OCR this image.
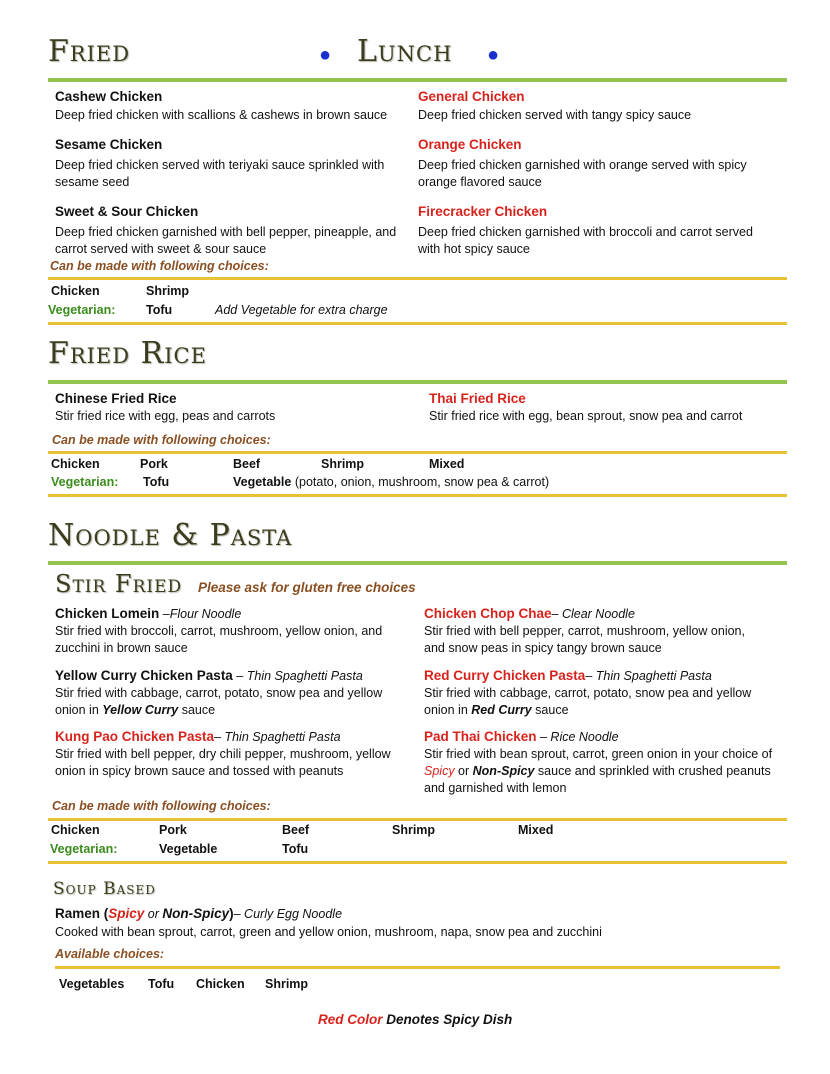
Fried	● Lunch ●
Cashew Chicken
Deep fried chicken with scallions & cashews in brown sauce
General Chicken
Deep fried chicken served with tangy spicy sauce
Sesame Chicken
Deep fried chicken served with teriyaki sauce sprinkled with sesame seed
Orange Chicken
Deep fried chicken garnished with orange served with spicy orange flavored sauce
Sweet & Sour Chicken
Deep fried chicken garnished with bell pepper, pineapple, and carrot served with sweet & sour sauce
Firecracker Chicken
Deep fried chicken garnished with broccoli and carrot served with hot spicy sauce
Can be made with following choices:
Chicken	Shrimp
Vegetarian: Tofu	Add Vegetable for extra charge
Fried Rice
Chinese Fried Rice
Stir fried rice with egg, peas and carrots
Thai Fried Rice
Stir fried rice with egg, bean sprout, snow pea and carrot
Can be made with following choices:
Chicken	Pork	Beef	Shrimp	Mixed
Vegetarian: Tofu	Vegetable (potato, onion, mushroom, snow pea & carrot)
Noodle & Pasta
Stir Fried Please ask for gluten free choices
Chicken Lomein –Flour Noodle
Stir fried with broccoli, carrot, mushroom, yellow onion, and zucchini in brown sauce
Chicken Chop Chae– Clear Noodle
Stir fried with bell pepper, carrot, mushroom, yellow onion, and snow peas in spicy tangy brown sauce
Yellow Curry Chicken Pasta – Thin Spaghetti Pasta
Stir fried with cabbage, carrot, potato, snow pea and yellow onion in Yellow Curry sauce
Red Curry Chicken Pasta– Thin Spaghetti Pasta
Stir fried with cabbage, carrot, potato, snow pea and yellow onion in Red Curry sauce
Kung Pao Chicken Pasta– Thin Spaghetti Pasta
Stir fried with bell pepper, dry chili pepper, mushroom, yellow onion in spicy brown sauce and tossed with peanuts
Pad Thai Chicken – Rice Noodle
Stir fried with bean sprout, carrot, green onion in your choice of Spicy or Non-Spicy sauce and sprinkled with crushed peanuts and garnished with lemon
Can be made with following choices:
Chicken	Pork	Beef	Shrimp	Mixed
Vegetarian:	Vegetable	Tofu
Soup Based
Ramen (Spicy or Non-Spicy)– Curly Egg Noodle
Cooked with bean sprout, carrot, green and yellow onion, mushroom, napa, snow pea and zucchini
Available choices:
Vegetables Tofu Chicken Shrimp
Red Color Denotes Spicy Dish
